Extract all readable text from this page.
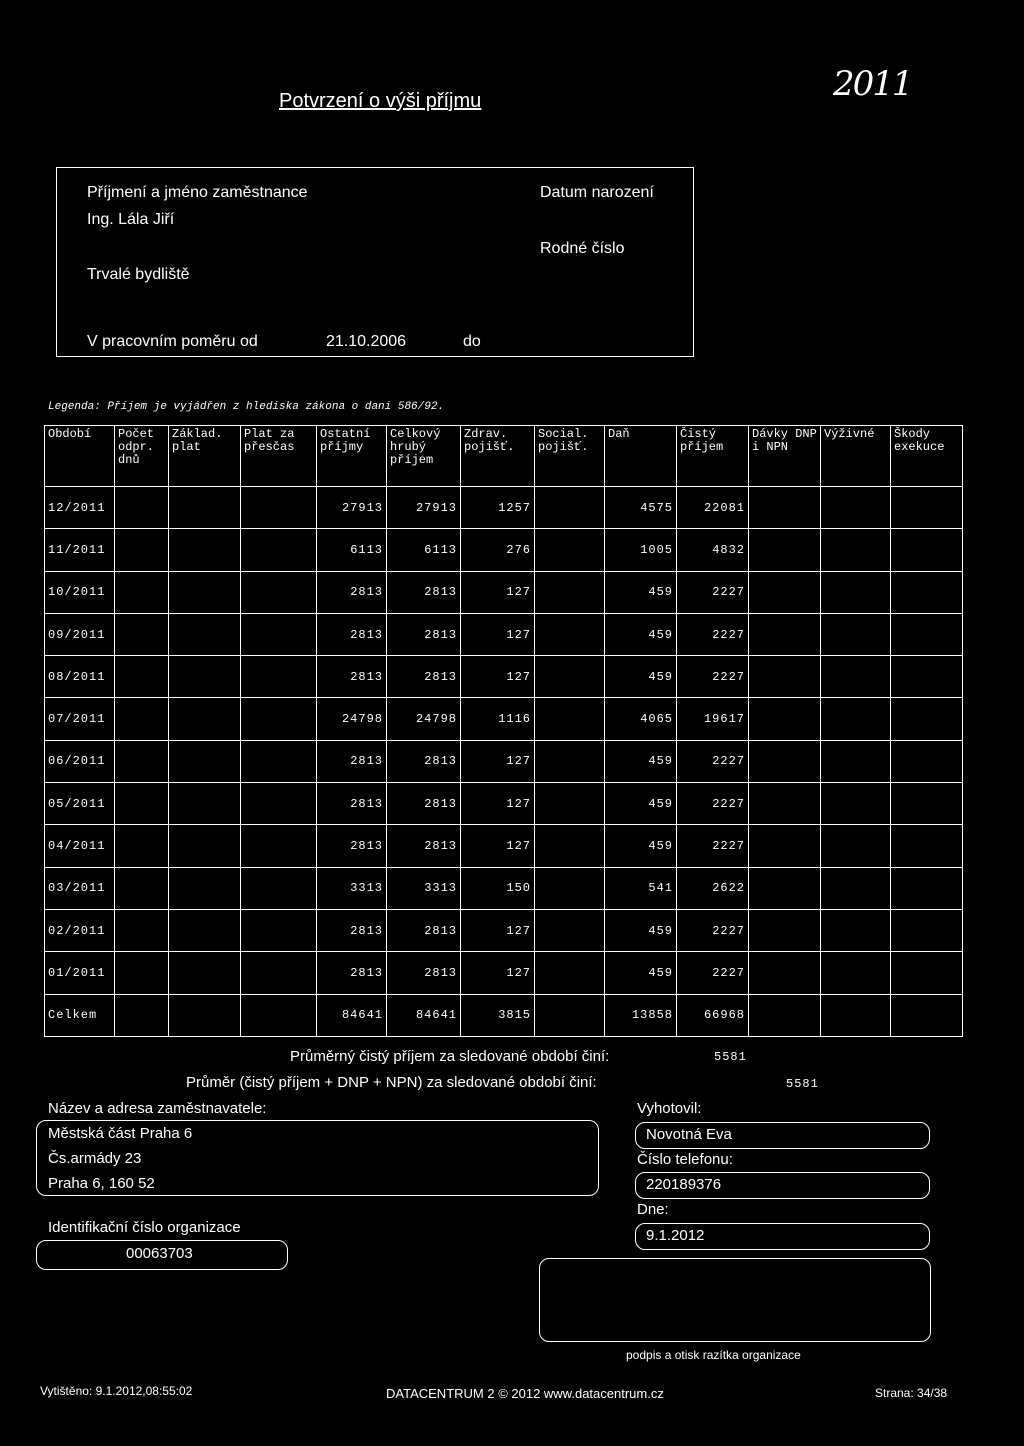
Potvrzení o výši příjmu	2011
Příjmení a jméno zaměstnance
Ing. Lála Jiří
Datum narození
Rodné číslo
Trvalé bydliště
V pracovním poměru od	21.10.2006	do
Legenda: Příjem je vyjádřen z hlediska zákona o dani 586/92.
Období	Počet odpr. dnů	Základ. plat	Plat za přesčas	Ostatní příjmy	Celkový hrubý příjem	Zdrav. pojišť.	Social. pojišť.	Daň	Čistý příjem	Dávky DNP i NPN	Výživné	Škody exekuce
12/2011				27913	27913	1257		4575	22081			
11/2011				6113	6113	276		1005	4832			
10/2011				2813	2813	127		459	2227			
09/2011				2813	2813	127		459	2227			
08/2011				2813	2813	127		459	2227			
07/2011				24798	24798	1116		4065	19617			
06/2011				2813	2813	127		459	2227			
05/2011				2813	2813	127		459	2227			
04/2011				2813	2813	127		459	2227			
03/2011				3313	3313	150		541	2622			
02/2011				2813	2813	127		459	2227			
01/2011				2813	2813	127		459	2227			
Celkem				84641	84641	3815		13858	66968			
Průměrný čistý příjem za sledované období činí:	5581
Průměr (čistý příjem + DNP + NPN) za sledované období činí:	5581
Název a adresa zaměstnavatele:
Městská část Praha 6
Čs.armády 23
Praha 6, 160 52
Identifikační číslo organizace
00063703
Vyhotovil:
Novotná Eva
Číslo telefonu:
220189376
Dne:
9.1.2012
podpis a otisk razítka organizace
Vytištěno: 9.1.2012,08:55:02	DATACENTRUM 2 © 2012 www.datacentrum.cz	Strana: 34/38
